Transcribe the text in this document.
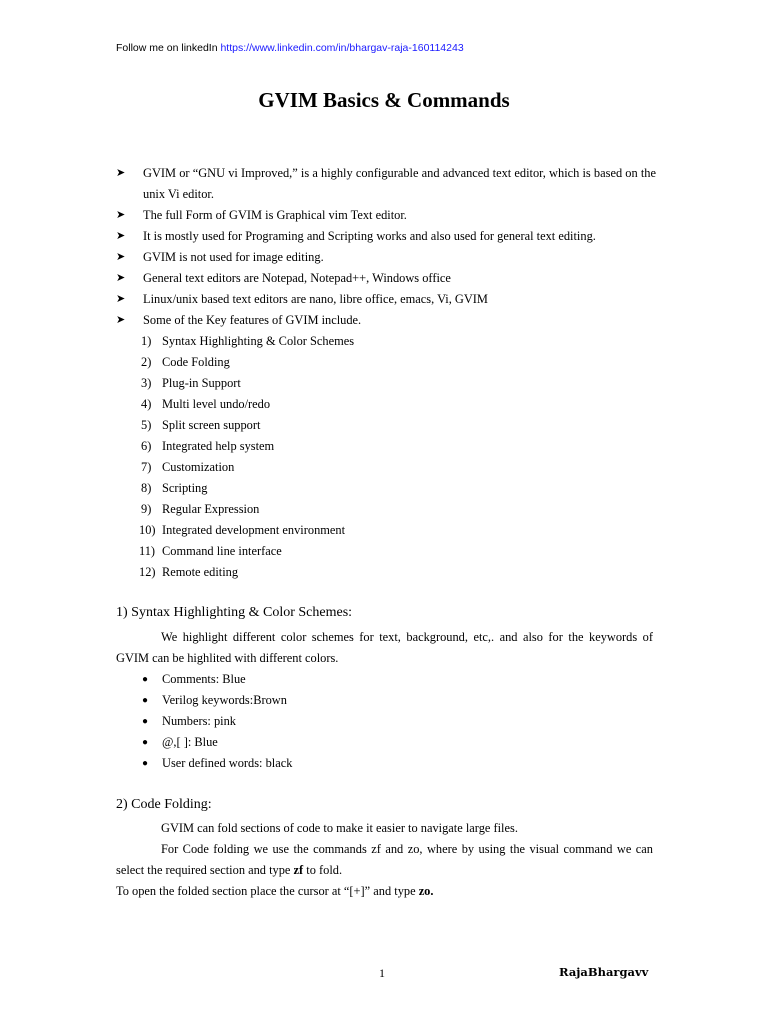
Follow me on linkedIn https://www.linkedin.com/in/bhargav-raja-160114243
GVIM Basics & Commands
➤ GVIM or “GNU vi Improved,” is a highly configurable and advanced text editor, which is based on the unix Vi editor.
➤ The full Form of GVIM is Graphical vim Text editor.
➤ It is mostly used for Programing and Scripting works and also used for general text editing.
➤ GVIM is not used for image editing.
➤ General text editors are Notepad, Notepad++, Windows office
➤ Linux/unix based text editors are nano, libre office, emacs, Vi, GVIM
➤ Some of the Key features of GVIM include.
1) Syntax Highlighting & Color Schemes
2) Code Folding
3) Plug-in Support
4) Multi level undo/redo
5) Split screen support
6) Integrated help system
7) Customization
8) Scripting
9) Regular Expression
10) Integrated development environment
11) Command line interface
12) Remote editing
1) Syntax Highlighting & Color Schemes:
We highlight different color schemes for text, background, etc,. and also for the keywords of GVIM can be highlited with different colors.
● Comments: Blue
● Verilog keywords:Brown
● Numbers: pink
● @,[ ]: Blue
● User defined words: black
2) Code Folding:
GVIM can fold sections of code to make it easier to navigate large files.
For Code folding we use the commands zf and zo, where by using the visual command we can select the required section and type zf to fold.
To open the folded section place the cursor at “[+]” and type zo.
1	RajaBhargavv
